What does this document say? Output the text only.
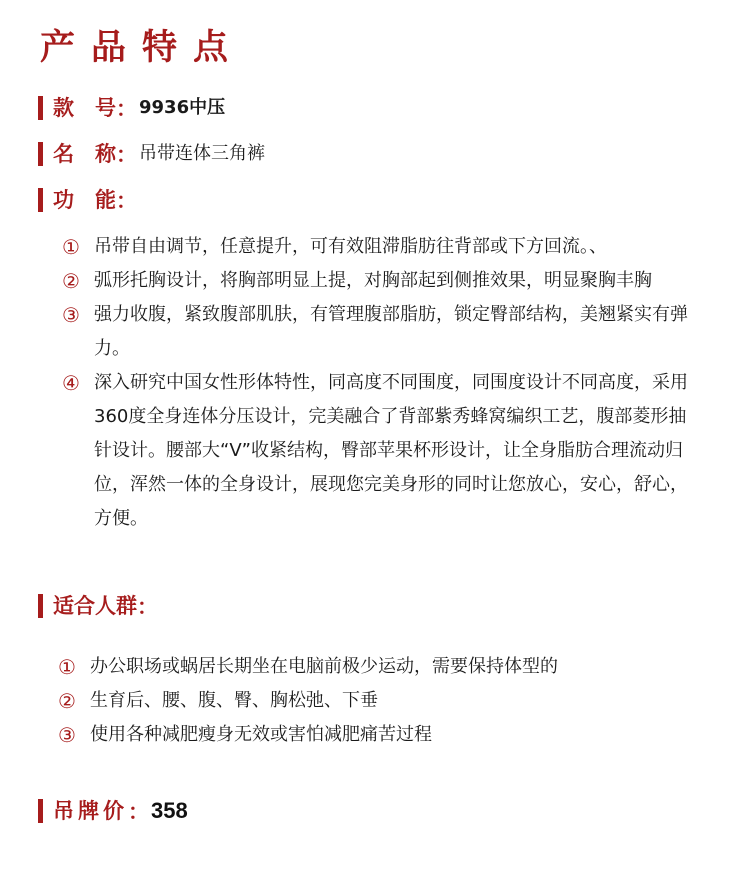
产品特点
款　号 ： 9936中压
名　称 ： 吊带连体三角裤
功　能 ：
① 吊带自由调节，任意提升，可有效阻滞脂肪往背部或下方回流。、
② 弧形托胸设计，将胸部明显上提，对胸部起到侧推效果，明显聚胸丰胸
③ 强力收腹，紧致腹部肌肤，有管理腹部脂肪，锁定臀部结构，美翘紧实有弹力。
④ 深入研究中国女性形体特性，同高度不同围度，同围度设计不同高度，采用360度全身连体分压设计，完美融合了背部紫秀蜂窝编织工艺，腹部菱形抽针设计。腰部大“V”收紧结构，臀部苹果杯形设计，让全身脂肪合理流动归位，浑然一体的全身设计，展现您完美身形的同时让您放心，安心，舒心，方便。
适合人群 ：
① 办公职场或蜗居长期坐在电脑前极少运动，需要保持体型的
② 生育后、腰、腹、臀、胸松弛、下垂
③ 使用各种减肥瘦身无效或害怕减肥痛苦过程
吊牌价 ： 358
